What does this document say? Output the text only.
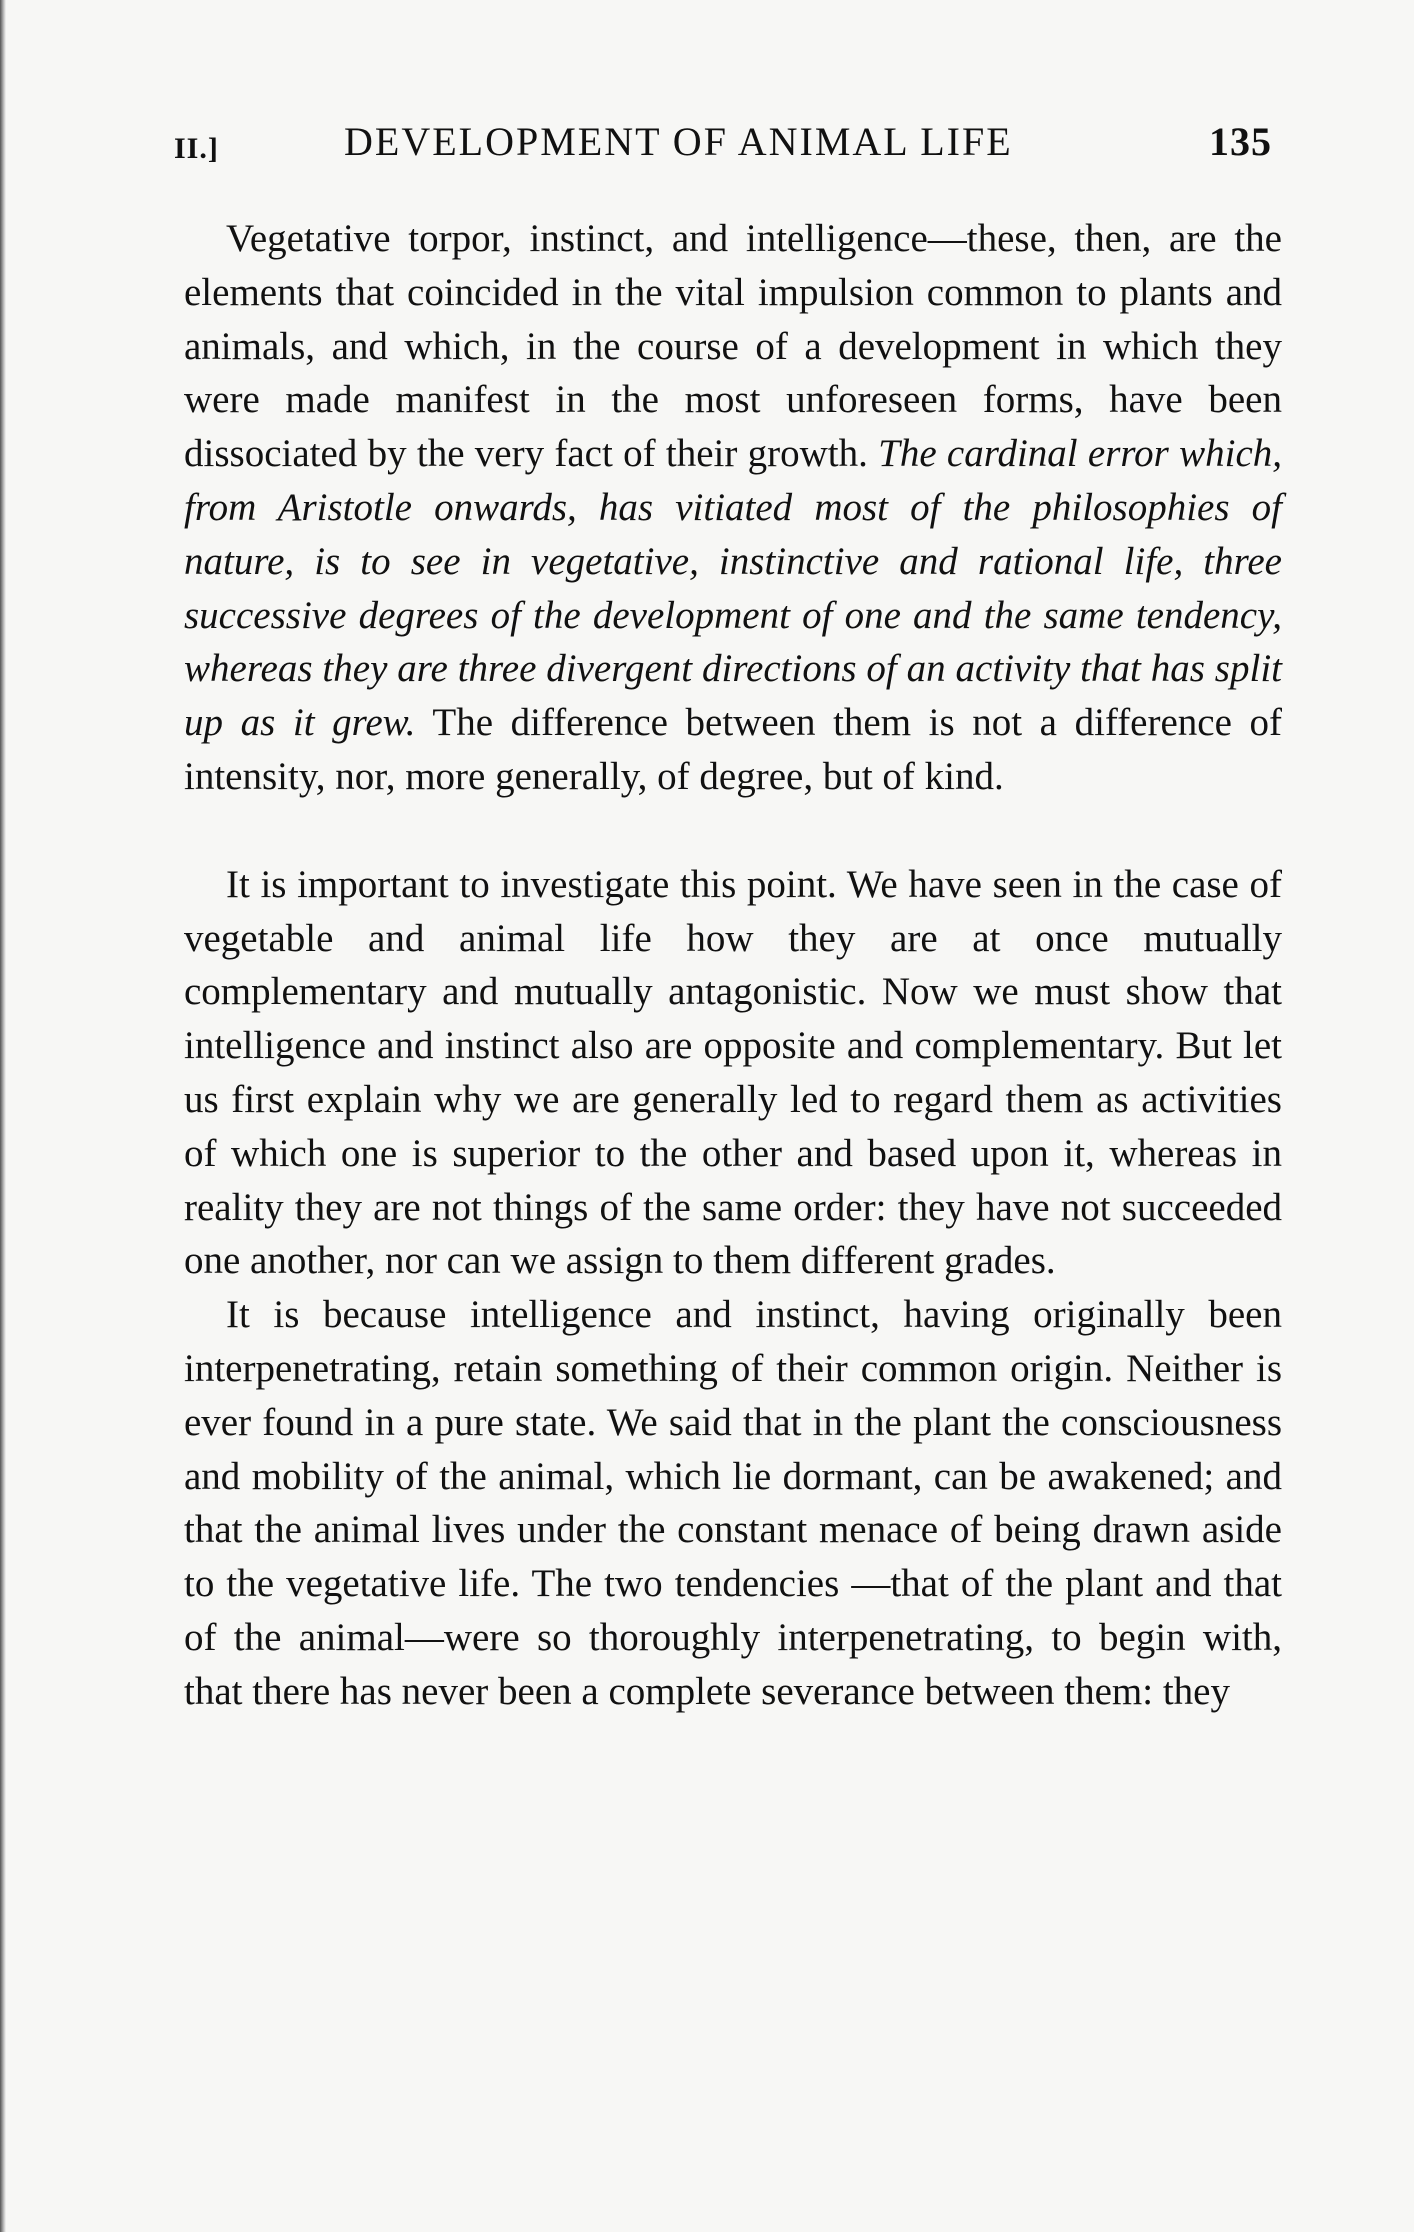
II.]	DEVELOPMENT OF ANIMAL LIFE	135

Vegetative torpor, instinct, and intelligence—these, then, are the elements that coincided in the vital impulsion common to plants and animals, and which, in the course of a development in which they were made manifest in the most unforeseen forms, have been dissociated by the very fact of their growth. The cardinal error which, from Aristotle onwards, has vitiated most of the philosophies of nature, is to see in vegetative, instinctive and rational life, three successive degrees of the development of one and the same tendency, whereas they are three divergent directions of an activity that has split up as it grew. The difference between them is not a difference of intensity, nor, more generally, of degree, but of kind.

It is important to investigate this point. We have seen in the case of vegetable and animal life how they are at once mutually complementary and mutually antagonistic. Now we must show that intelligence and instinct also are opposite and complementary. But let us first explain why we are generally led to regard them as activities of which one is superior to the other and based upon it, whereas in reality they are not things of the same order: they have not succeeded one another, nor can we assign to them different grades.

It is because intelligence and instinct, having originally been interpenetrating, retain something of their common origin. Neither is ever found in a pure state. We said that in the plant the consciousness and mobility of the animal, which lie dormant, can be awakened; and that the animal lives under the constant menace of being drawn aside to the vegetative life. The two tendencies —that of the plant and that of the animal—were so thoroughly interpenetrating, to begin with, that there has never been a complete severance between them: they
